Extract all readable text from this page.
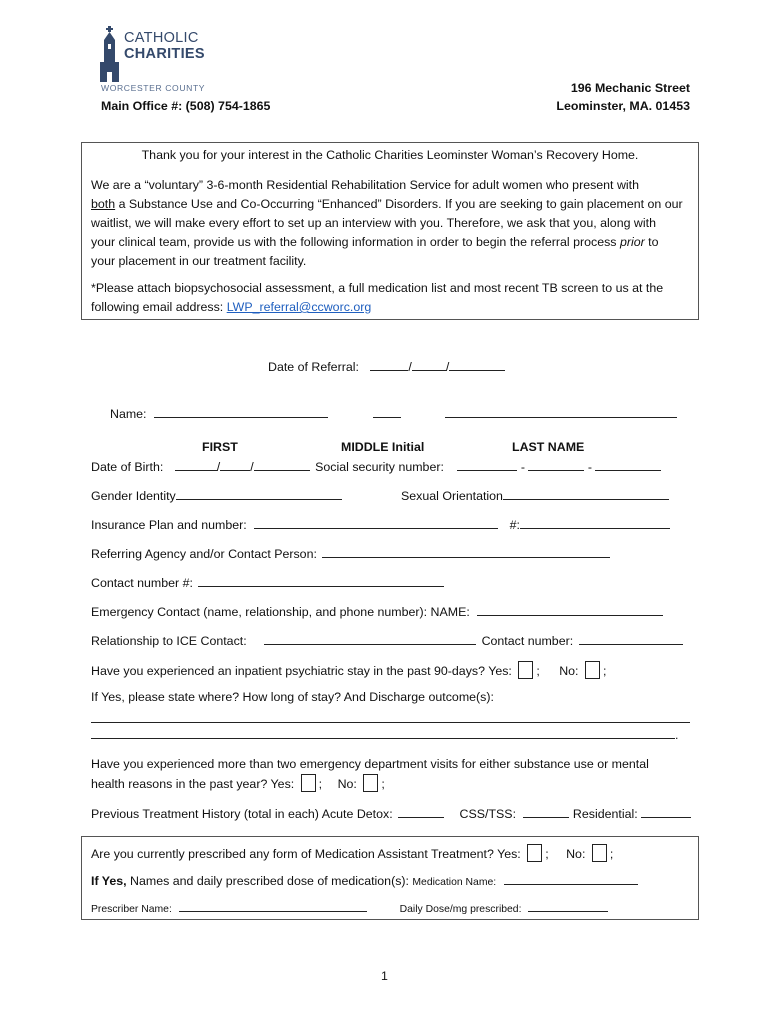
CATHOLIC
CHARITIES
WORCESTER COUNTY
Main Office #: (508) 754-1865
196 Mechanic Street
Leominster, MA. 01453
Thank you for your interest in the Catholic Charities Leominster Woman’s Recovery Home.
We are a “voluntary” 3-6-month Residential Rehabilitation Service for adult women who present with
both a Substance Use and Co-Occurring “Enhanced” Disorders. If you are seeking to gain placement on our
waitlist, we will make every effort to set up an interview with you. Therefore, we ask that you, along with
your clinical team, provide us with the following information in order to begin the referral process prior to
your placement in our treatment facility.
*Please attach biopsychosocial assessment, a full medication list and most recent TB screen to us at the
following email address: LWP_referral@ccworc.org
Date of Referral:	/	/
Name:
FIRST	MIDDLE Initial	LAST NAME
Date of Birth:	/ /	Social security number:	-	-
Gender Identity	Sexual Orientation
Insurance Plan and number:	#:
Referring Agency and/or Contact Person:
Contact number #:
Emergency Contact (name, relationship, and phone number): NAME:
Relationship to ICE Contact:	Contact number:
Have you experienced an inpatient psychiatric stay in the past 90-days? Yes: ; No: ;
If Yes, please state where? How long of stay? And Discharge outcome(s):
.
Have you experienced more than two emergency department visits for either substance use or mental
health reasons in the past year? Yes: ; No: ;
Previous Treatment History (total in each) Acute Detox:	CSS/TSS:	Residential:
Are you currently prescribed any form of Medication Assistant Treatment? Yes: ; No: ;
If Yes, Names and daily prescribed dose of medication(s): Medication Name:
Prescriber Name:	Daily Dose/mg prescribed:
1
